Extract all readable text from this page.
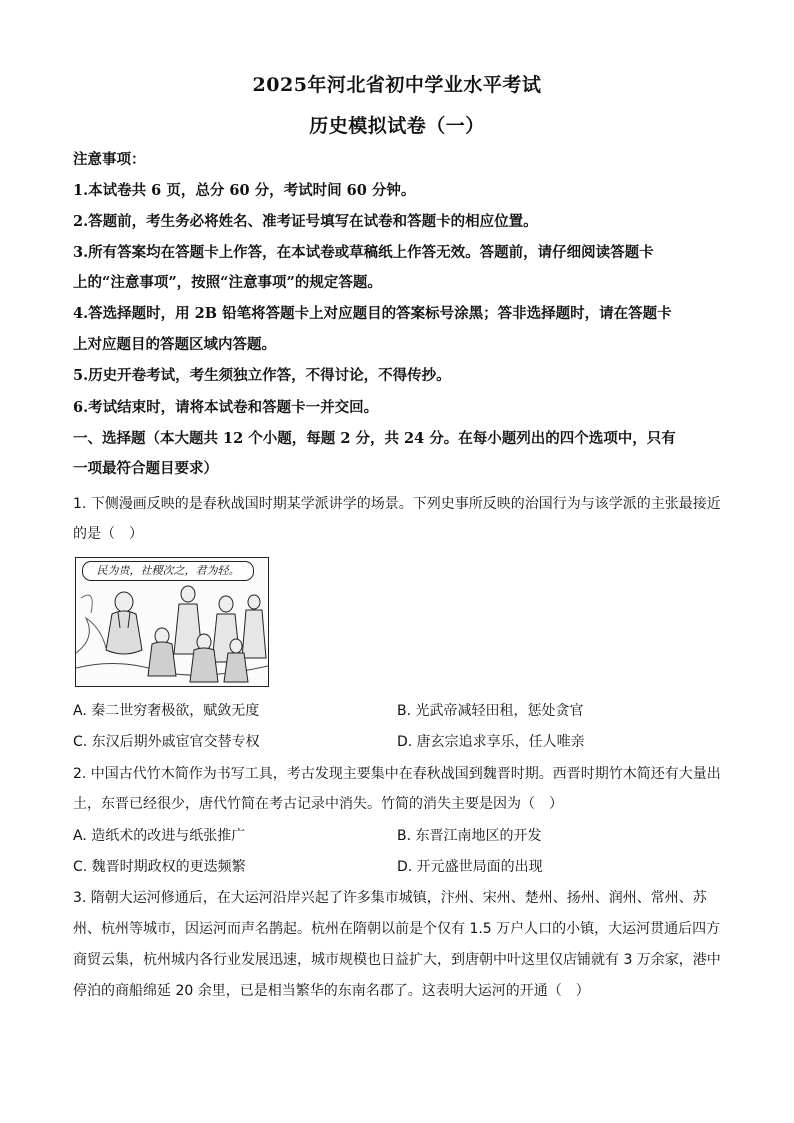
2025年河北省初中学业水平考试
历史模拟试卷（一）
注意事项：
1.本试卷共 6 页，总分 60 分，考试时间 60 分钟。
2.答题前，考生务必将姓名、准考证号填写在试卷和答题卡的相应位置。
3.所有答案均在答题卡上作答，在本试卷或草稿纸上作答无效。答题前，请仔细阅读答题卡
上的“注意事项”，按照“注意事项”的规定答题。
4.答选择题时，用 2B 铅笔将答题卡上对应题目的答案标号涂黑；答非选择题时，请在答题卡
上对应题目的答题区域内答题。
5.历史开卷考试，考生须独立作答，不得讨论，不得传抄。
6.考试结束时，请将本试卷和答题卡一并交回。
一、选择题（本大题共 12 个小题，每题 2 分，共 24 分。在每小题列出的四个选项中，只有
一项最符合题目要求）
1. 下侧漫画反映的是春秋战国时期某学派讲学的场景。下列史事所反映的治国行为与该学派的主张最接近
的是（　）
民为贵，社稷次之，君为轻。
A. 秦二世穷奢极欲，赋敛无度	B. 光武帝减轻田租，惩处贪官
C. 东汉后期外戚宦官交替专权	D. 唐玄宗追求享乐，任人唯亲
2. 中国古代竹木简作为书写工具，考古发现主要集中在春秋战国到魏晋时期。西晋时期竹木简还有大量出
土，东晋已经很少，唐代竹简在考古记录中消失。竹简的消失主要是因为（　）
A. 造纸术的改进与纸张推广	B. 东晋江南地区的开发
C. 魏晋时期政权的更迭频繁	D. 开元盛世局面的出现
3. 隋朝大运河修通后，在大运河沿岸兴起了许多集市城镇，汴州、宋州、楚州、扬州、润州、常州、苏
州、杭州等城市，因运河而声名鹊起。杭州在隋朝以前是个仅有 1.5 万户人口的小镇，大运河贯通后四方
商贸云集，杭州城内各行业发展迅速，城市规模也日益扩大，到唐朝中叶这里仅店铺就有 3 万余家，港中
停泊的商船绵延 20 余里，已是相当繁华的东南名郡了。这表明大运河的开通（　）
